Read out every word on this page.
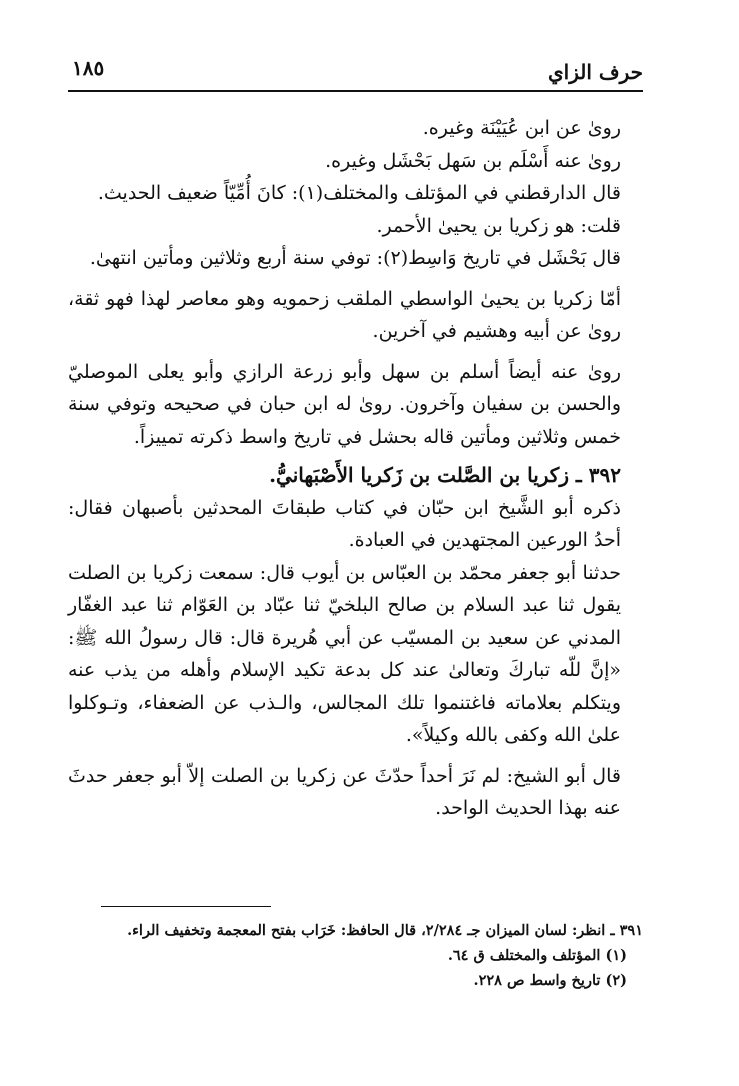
حرف الزاي
١٨٥

رویٰ عن ابن عُيَيْنَة وغيره.

رویٰ عنه أَسْلَم بن سَهل بَحْشَل وغيره.

قال الدارقطني في المؤتلف والمختلف(١): كانَ أُمِّيّاً ضعيف الحديث.

قلت: هو زكريا بن يحيىٰ الأحمر.

قال بَحْشَل في تاريخ وَاسِط(٢): توفي سنة أربع وثلاثين ومأتين انتهىٰ.

أمّا زكريا بن يحيىٰ الواسطي الملقب زحمويه وهو معاصر لهذا فهو ثقة، روىٰ عن أبيه وهشيم في آخرين.

روىٰ عنه أيضاً أسلم بن سهل وأبو زرعة الرازي وأبو يعلى الموصليّ والحسن بن سفيان وآخرون. روىٰ له ابن حبان في صحيحه وتوفي سنة خمس وثلاثين ومأتين قاله بحشل في تاريخ واسط ذكرته تمييزاً.

٣٩٢ ـ زكريا بن الصَّلت بن زَكريا الأَصْبَهانيُّ.

ذكره أبو الشَّيخ ابن حبّان في كتاب طبقاتَ المحدثين بأصبهان فقال: أحدُ الورعين المجتهدين في العبادة.

حدثنا أبو جعفر محمّد بن العبّاس بن أيوب قال: سمعت زكريا بن الصلت يقول ثنا عبد السلام بن صالح البلخيّ ثنا عبّاد بن العَوّام ثنا عبد الغفّار المدني عن سعيد بن المسيّب عن أبي هُريرة قال: قال رسولُ الله ﷺ: «إنَّ للّه تباركَ وتعالىٰ عند كل بدعة تكيد الإسلام وأهله من يذب عنه ويتكلم بعلاماته فاغتنموا تلك المجالس، والـذب عن الضعفاء، وتـوكلوا علىٰ الله وكفى بالله وكيلاً».

قال أبو الشيخ: لم نَرَ أحداً حدّثَ عن زكريا بن الصلت إلاّ أبو جعفر حدثَ عنه بهذا الحديث الواحد.

٣٩١ ـ انظر: لسان الميزان جـ ٢/٢٨٤، قال الحافظ: خَرَاب بفتح المعجمة وتخفيف الراء.

(١) المؤتلف والمختلف ق ٦٤.

(٢) تاريخ واسط ص ٢٢٨.
